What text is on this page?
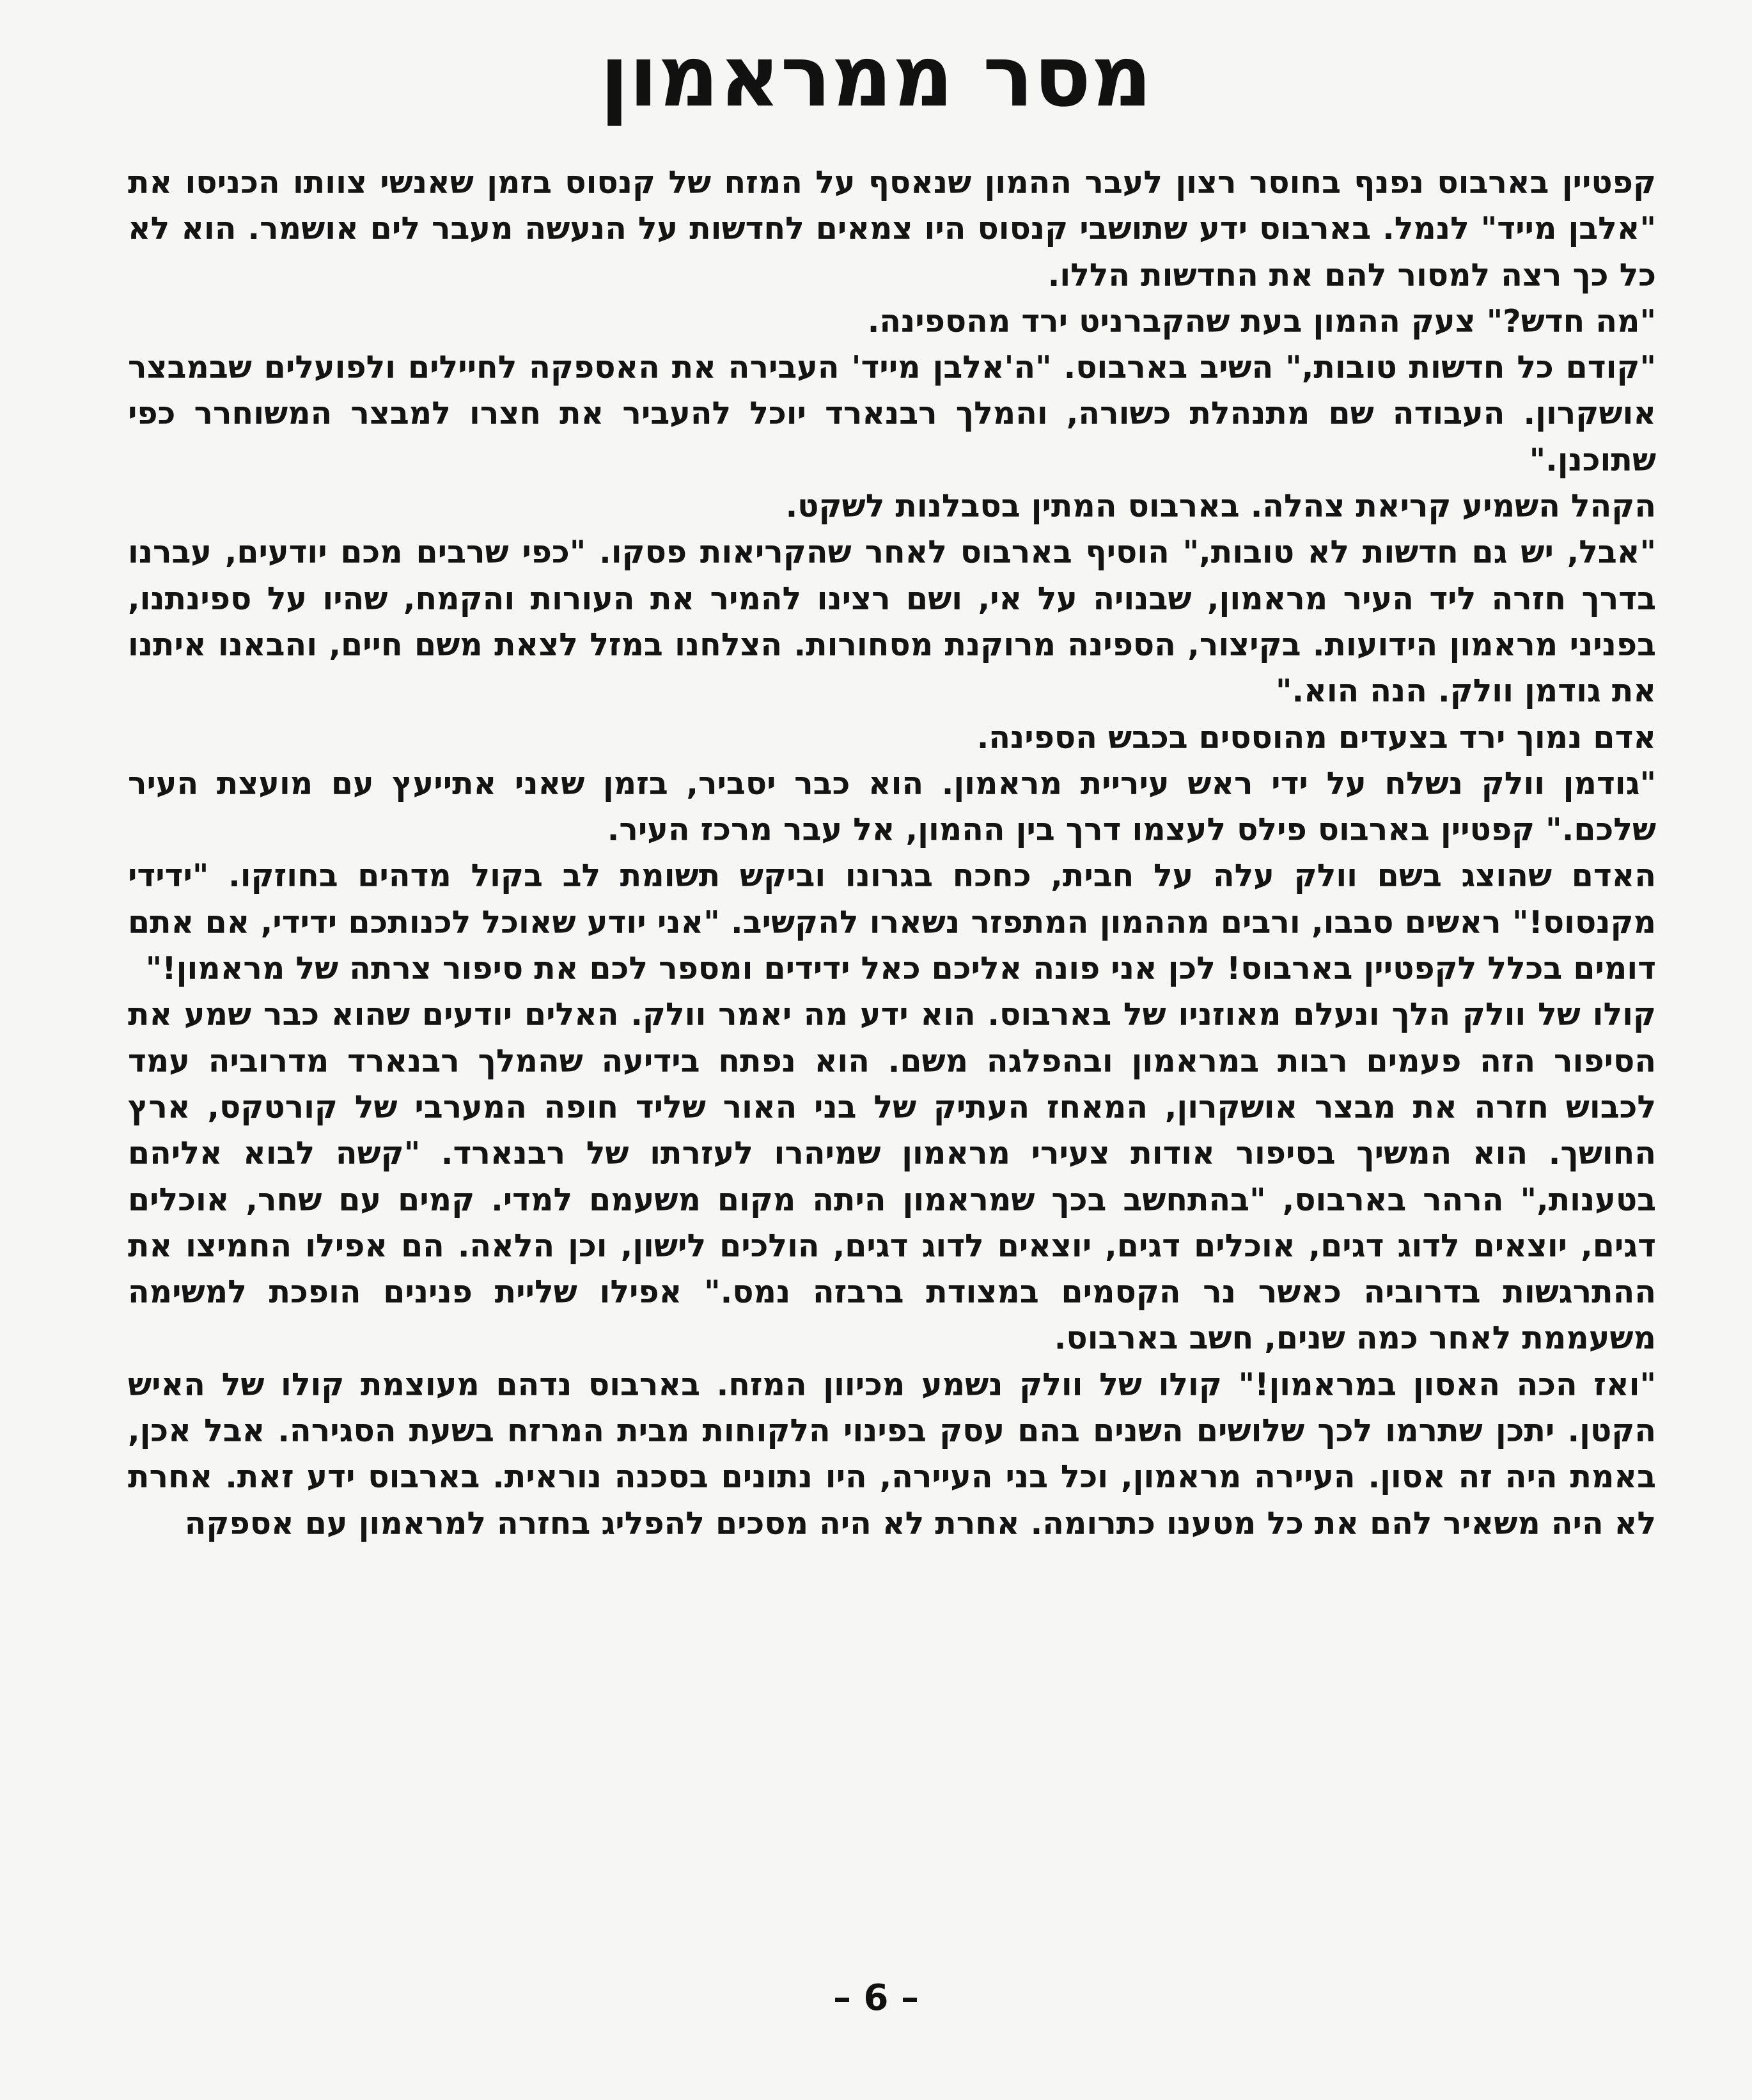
מסר ממראמון

קפטיין בארבוס נפנף בחוסר רצון לעבר ההמון שנאסף על המזח של קנסוס בזמן שאנשי צוותו הכניסו את "אלבן מייד" לנמל. בארבוס ידע שתושבי קנסוס היו צמאים לחדשות על הנעשה מעבר לים אושמר. הוא לא כל כך רצה למסור להם את החדשות הללו.

"מה חדש?" צעק ההמון בעת שהקברניט ירד מהספינה.

"קודם כל חדשות טובות," השיב בארבוס. "ה'אלבן מייד' העבירה את האספקה לחיילים ולפועלים שבמבצר אושקרון. העבודה שם מתנהלת כשורה, והמלך רבנארד יוכל להעביר את חצרו למבצר המשוחרר כפי שתוכנן."

הקהל השמיע קריאת צהלה. בארבוס המתין בסבלנות לשקט.

"אבל, יש גם חדשות לא טובות," הוסיף בארבוס לאחר שהקריאות פסקו. "כפי שרבים מכם יודעים, עברנו בדרך חזרה ליד העיר מראמון, שבנויה על אי, ושם רצינו להמיר את העורות והקמח, שהיו על ספינתנו, בפניני מראמון הידועות. בקיצור, הספינה מרוקנת מסחורות. הצלחנו במזל לצאת משם חיים, והבאנו איתנו את גודמן וולק. הנה הוא."

אדם נמוך ירד בצעדים מהוססים בכבש הספינה.

"גודמן וולק נשלח על ידי ראש עיריית מראמון. הוא כבר יסביר, בזמן שאני אתייעץ עם מועצת העיר שלכם." קפטיין בארבוס פילס לעצמו דרך בין ההמון, אל עבר מרכז העיר.

האדם שהוצג בשם וולק עלה על חבית, כחכח בגרונו וביקש תשומת לב בקול מדהים בחוזקו. "ידידי מקנסוס!" ראשים סבבו, ורבים מההמון המתפזר נשארו להקשיב. "אני יודע שאוכל לכנותכם ידידי, אם אתם דומים בכלל לקפטיין בארבוס! לכן אני פונה אליכם כאל ידידים ומספר לכם את סיפור צרתה של מראמון!"

קולו של וולק הלך ונעלם מאוזניו של בארבוס. הוא ידע מה יאמר וולק. האלים יודעים שהוא כבר שמע את הסיפור הזה פעמים רבות במראמון ובהפלגה משם. הוא נפתח בידיעה שהמלך רבנארד מדרוביה עמד לכבוש חזרה את מבצר אושקרון, המאחז העתיק של בני האור שליד חופה המערבי של קורטקס, ארץ החושך. הוא המשיך בסיפור אודות צעירי מראמון שמיהרו לעזרתו של רבנארד. "קשה לבוא אליהם בטענות," הרהר בארבוס, "בהתחשב בכך שמראמון היתה מקום משעמם למדי. קמים עם שחר, אוכלים דגים, יוצאים לדוג דגים, אוכלים דגים, יוצאים לדוג דגים, הולכים לישון, וכן הלאה. הם אפילו החמיצו את ההתרגשות בדרוביה כאשר נר הקסמים במצודת ברבזה נמס." אפילו שליית פנינים הופכת למשימה משעממת לאחר כמה שנים, חשב בארבוס.

"ואז הכה האסון במראמון!" קולו של וולק נשמע מכיוון המזח. בארבוס נדהם מעוצמת קולו של האיש הקטן. יתכן שתרמו לכך שלושים השנים בהם עסק בפינוי הלקוחות מבית המרזח בשעת הסגירה. אבל אכן, באמת היה זה אסון. העיירה מראמון, וכל בני העיירה, היו נתונים בסכנה נוראית. בארבוס ידע זאת. אחרת לא היה משאיר להם את כל מטענו כתרומה. אחרת לא היה מסכים להפליג בחזרה למראמון עם אספקה

– 6 –
